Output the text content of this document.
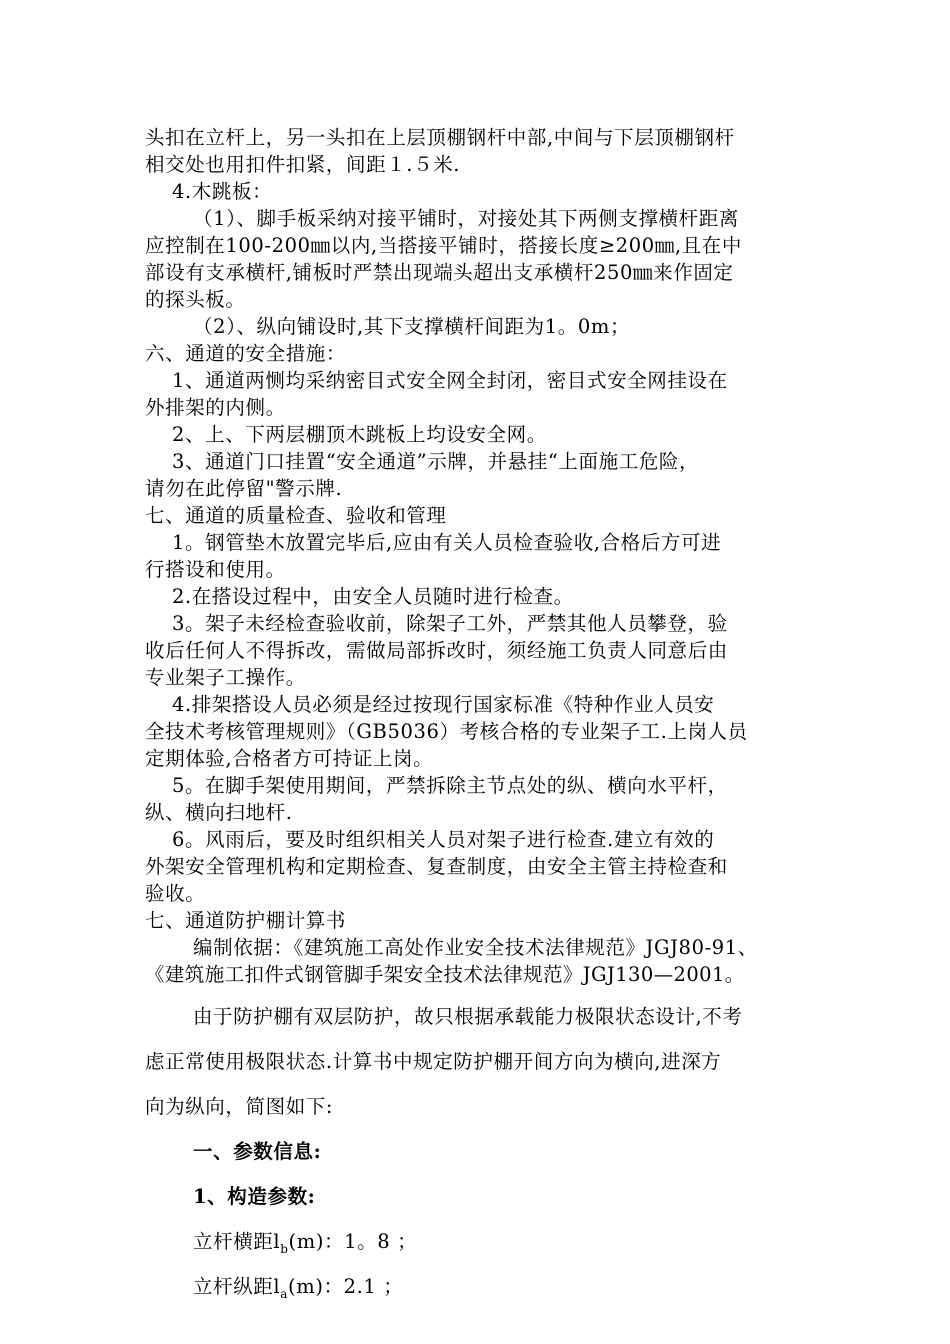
头扣在立杆上，另一头扣在上层顶棚钢杆中部,中间与下层顶棚钢杆

相交处也用扣件扣紧，间距１.５米.

4.木跳板：

（1）、脚手板采纳对接平铺时，对接处其下两侧支撑横杆距离

应控制在100-200㎜以内,当搭接平铺时，搭接长度≥200㎜,且在中

部设有支承横杆,铺板时严禁出现端头超出支承横杆250㎜来作固定

的探头板。

（2）、纵向铺设时,其下支撑横杆间距为1。0m；

六、通道的安全措施：

1、通道两恻均采纳密目式安全网全封闭，密目式安全网挂设在

外排架的内侧。

2、上、下两层棚顶木跳板上均设安全网。

3、通道门口挂置“安全通道”示牌，并悬挂“上面施工危险，

请勿在此停留"警示牌.

七、通道的质量检查、验收和管理

1。钢管垫木放置完毕后,应由有关人员检查验收,合格后方可进

行搭设和使用。

2.在搭设过程中，由安全人员随时进行检查。

3。架子未经检查验收前，除架子工外，严禁其他人员攀登，验

收后任何人不得拆改，需做局部拆改时，须经施工负责人同意后由

专业架子工操作。

4.排架搭设人员必须是经过按现行国家标准《特种作业人员安

全技术考核管理规则》（GB5036）考核合格的专业架子工.上岗人员

定期体验,合格者方可持证上岗。

5。在脚手架使用期间，严禁拆除主节点处的纵、横向水平杆，

纵、横向扫地杆.

6。风雨后，要及时组织相关人员对架子进行检查.建立有效的

外架安全管理机构和定期检查、复查制度，由安全主管主持检查和

验收。

七、通道防护棚计算书

编制依据：《建筑施工高处作业安全技术法律规范》JGJ80-91、

《建筑施工扣件式钢管脚手架安全技术法律规范》JGJ130—2001。

由于防护棚有双层防护，故只根据承载能力极限状态设计,不考

虑正常使用极限状态.计算书中规定防护棚开间方向为横向,进深方

向为纵向，简图如下:

一、参数信息:

1、构造参数:

立杆横距$l_b(m)$：1。8 ；

立杆纵距$l_a(m)$：2.1 ；
